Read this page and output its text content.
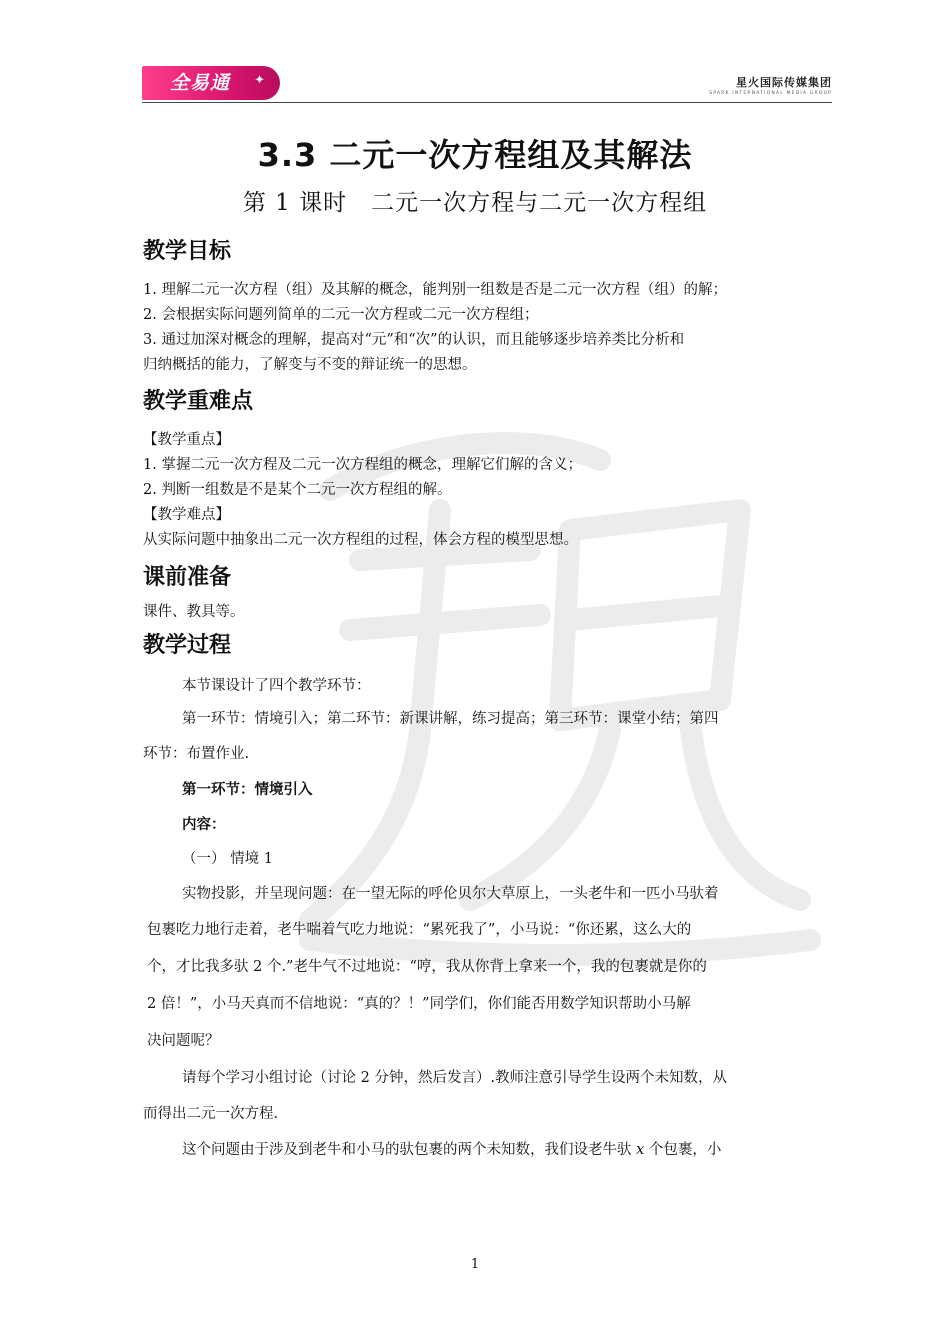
全易通 ✦	星火国际传媒集团
SPARK INTERNATIONAL MEDIA GROUP
3.3 二元一次方程组及其解法
第 1 课时　二元一次方程与二元一次方程组
教学目标
1. 理解二元一次方程（组）及其解的概念，能判别一组数是否是二元一次方程（组）的解；
2. 会根据实际问题列简单的二元一次方程或二元一次方程组；
3. 通过加深对概念的理解，提高对“元”和“次”的认识，而且能够逐步培养类比分析和
归纳概括的能力，了解变与不变的辩证统一的思想。
教学重难点
【教学重点】
1. 掌握二元一次方程及二元一次方程组的概念，理解它们解的含义；
2. 判断一组数是不是某个二元一次方程组的解。
【教学难点】
从实际问题中抽象出二元一次方程组的过程，体会方程的模型思想。
课前准备
课件、教具等。
教学过程
本节课设计了四个教学环节：
第一环节：情境引入；第二环节：新课讲解，练习提高；第三环节：课堂小结；第四
环节：布置作业.
第一环节：情境引入
内容：
（一） 情境 1
实物投影，并呈现问题：在一望无际的呼伦贝尔大草原上，一头老牛和一匹小马驮着
包裹吃力地行走着，老牛喘着气吃力地说：“累死我了”，小马说：“你还累，这么大的
个，才比我多驮 2 个.”老牛气不过地说：“哼，我从你背上拿来一个，我的包裹就是你的
2 倍！”，小马天真而不信地说：“真的？！”同学们，你们能否用数学知识帮助小马解
决问题呢？
请每个学习小组讨论（讨论 2 分钟，然后发言）.教师注意引导学生设两个未知数，从
而得出二元一次方程.
这个问题由于涉及到老牛和小马的驮包裹的两个未知数，我们设老牛驮 x 个包裹，小
1
